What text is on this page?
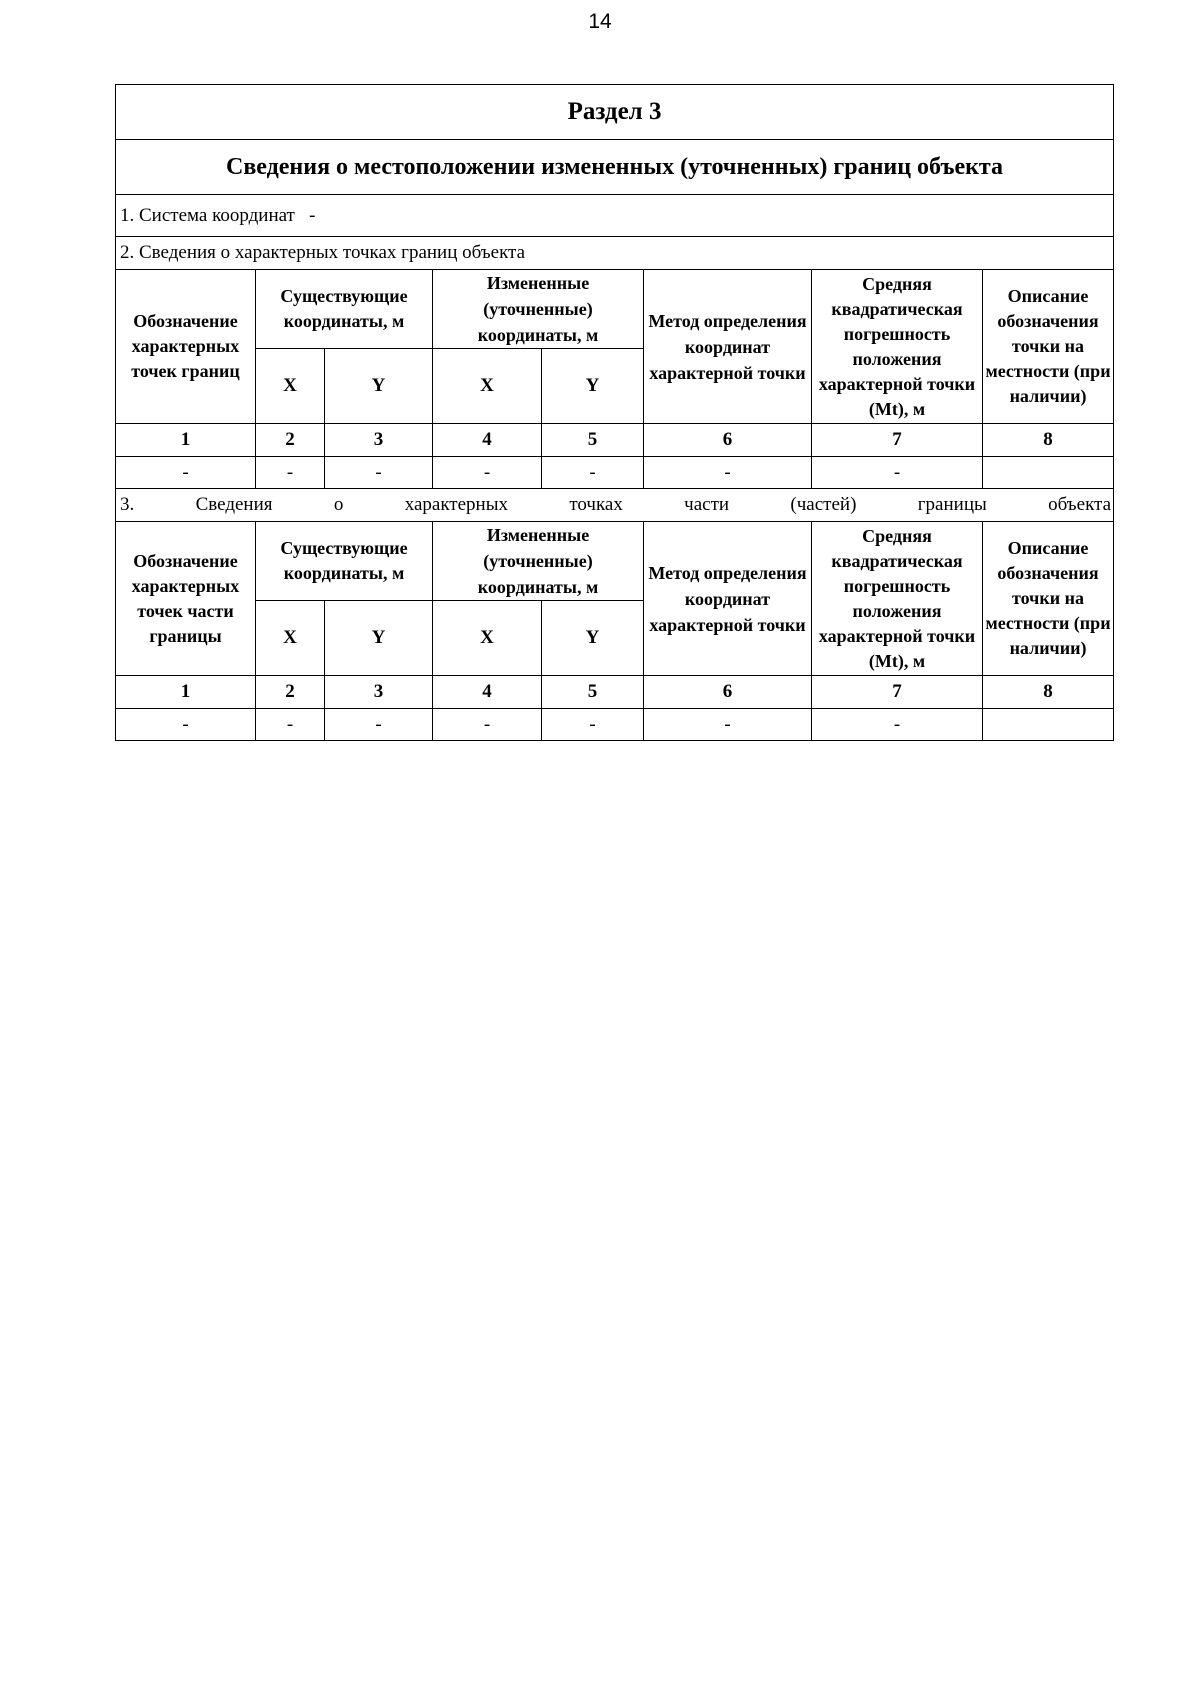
14
Раздел 3							
Сведения о местоположении измененных (уточненных) границ объекта							
1. Система координат -							
2. Сведения о характерных точках границ объекта							
Обозначение характерных точек границ	Существующие координаты, м		Измененные (уточненные) координаты, м		Метод определения координат характерной точки	Средняя квадратическая погрешность положения характерной точки (Mt), м	Описание обозначения точки на местности (при наличии)
	X	Y	X	Y			
1	2	3	4	5	6	7	8
-	-	-	-	-	-	-	
3. Сведения о характерных точках части (частей) границы объекта							
Обозначение характерных точек части границы	Существующие координаты, м		Измененные (уточненные) координаты, м		Метод определения координат характерной точки	Средняя квадратическая погрешность положения характерной точки (Mt), м	Описание обозначения точки на местности (при наличии)
	X	Y	X	Y			
1	2	3	4	5	6	7	8
-	-	-	-	-	-	-	
